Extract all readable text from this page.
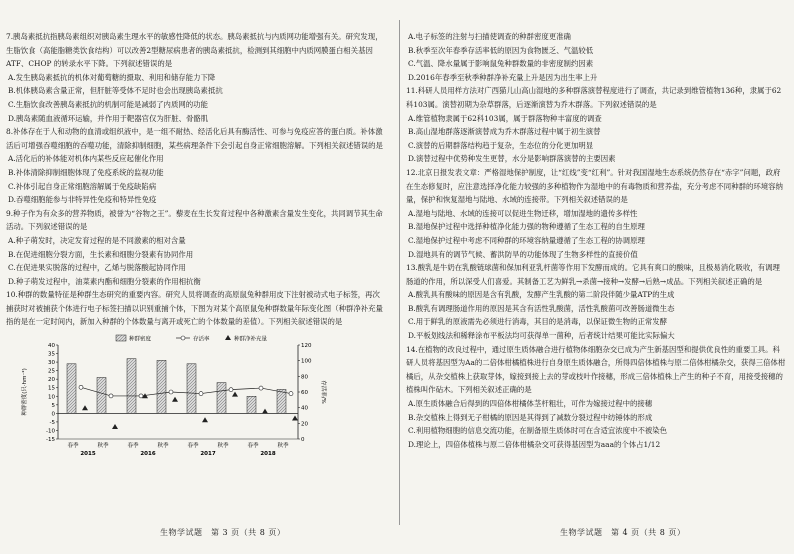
7.胰岛素抵抗指胰岛素组织对胰岛素生理水平的敏感性降低的状态。胰岛素抵抗与内质网功能增强有关。研究发现，生脂饮食（高能脂糖类饮食结构）可以改善2型糖尿病患者的胰岛素抵抗，检测到其细胞中内质网膜蛋白相关基因 ATF、CHOP 的转录水平下降。下列叙述错误的是

A.发生胰岛素抵抗的机体对葡萄糖的摄取、利用和储存能力下降

B.机体胰岛素含量正常，但肝脏等受体不足时也会出现胰岛素抵抗

C.生脂饮食改善胰岛素抵抗的机制可能是减弱了内质网的功能

D.胰岛素随血液循环运输，并作用于靶器官仅为肝脏、骨骼肌

8.补体存在于人和动物的血清或组织液中，是一组不耐热、经活化后具有酶活性、可参与免疫应答的蛋白质。补体激活后可增强吞噬细胞的吞噬功能，清除抑制细胞，某些病理条件下会引起自身正常细胞溶解。下列相关叙述错误的是

A.活化后的补体能对机体内某些反应起催化作用

B.补体清除抑制细胞体现了免疫系统的监视功能

C.补体引起自身正常细胞溶解属于免疫缺陷病

D.吞噬细胞能参与非特异性免疫和特异性免疫

9.种子作为有众多的营养物质，被誉为“谷物之王”。藜麦在生长发育过程中各种激素含量发生变化，共同调节其生命活动。下列叙述错误的是

A.种子萌发时，决定发育过程的是不同激素的相对含量

B.在促进细胞分裂方面，生长素和细胞分裂素有协同作用

C.在促进果实脱落的过程中，乙烯与脱落酸起协同作用

D.种子萌发过程中，油菜素内酯和细胞分裂素的作用相抗衡

10.种群的数量特征是种群生态研究的重要内容。研究人员将调查的高原鼠兔种群用皮下注射被动式电子标签，再次捕获时对被捕获个体进行电子标签扫描以识别重捕个体，下图为对某个高原鼠兔种群数量年际变化图（种群净补充量指的是在一定时间内，新加入种群的个体数量与离开或死亡的个体数量的差值）。下列相关叙述错误的是

40
35
30
25
20
15
10
5
0
-5
-10
-15
120
100
80
60
40
20
0
种群密度(只·hm⁻²)	存活率/%
春季	秋季	春季	秋季	春季	秋季	春季	秋季
2015	2016	2017	2018
种群密度	存活率	种群净补充量

A.电子标签的注射与扫描使调查的种群密度更准确

B.秋季至次年春季存活率低的原因为食物匮乏、气温较低

C.气温、降水量属于影响鼠兔种群数量的非密度制约因素

D.2016年春季至秋季种群净补充量上升是因为出生率上升

11.科研人员用样方法对广西猫儿山高山湿地的多种群落演替程度进行了调查，共记录到维管植物136种，隶属于62科103属。演替初期为杂草群落，后逐渐演替为乔木群落。下列叙述错误的是

A.维管植物隶属于62科103属，属于群落物种丰富度的调查

B.高山湿地群落逐渐演替成为乔木群落过程中属于初生演替

C.演替的后期群落结构趋于复杂，生态位的分化更加明显

D.演替过程中优势种发生更替，水分是影响群落演替的主要因素

12.北京日报发表文章：严格湿地保护制度，让“红线”变“红利”。针对我国湿地生态系统仍然存在“赤字”问题，政府在生态修复时，应注意选择净化能力较强的多种植物作为湿地中的有毒物质和营养盐，充分考虑不同种群的环境容纳量，保护和恢复湿地与陆地、水域的连接带。下列相关叙述错误的是

A.湿地与陆地、水域的连接可以促进生物迁移，增加湿地的遗传多样性

B.湿地保护过程中选择种植净化能力强的物种遵循了生态工程的自生原理

C.湿地保护过程中考虑不同种群的环境容纳量遵循了生态工程的协调原理

D.湿地具有的调节气候、蓄洪防旱的功能体现了生物多样性的直接价值

13.酸乳是牛奶在乳酸链球菌和保加利亚乳杆菌等作用下发酵而成的。它具有爽口的酸味，且极易消化吸收，有调理肠道的作用，所以深受人们喜爱。其制备工艺为鲜乳→杀菌→接种→发酵→后熟→成品。下列相关叙述正确的是

A.酸乳具有酸味的原因是含有乳酸，发酵产生乳酸的第二阶段伴随少量ATP的生成

B.酸乳有调理肠道作用的原因是其含有活性乳酸菌，活性乳酸菌可改善肠道微生态

C.用于鲜乳的原液需先必须进行消毒，其目的是消毒，以保证微生物的正常发酵

D.平板划线法和稀释涂布平板法均可获得单一菌种，后者统计结果可能比实际偏大

14.在植物的改良过程中，通过原生质体融合进行植物体细胞杂交已成为产生新基因型和提供优良性的重要工具。科研人员将基因型为Aa的二倍体柑橘植株进行自身原生质体融合，所得四倍体植株与原二倍体柑橘杂交，获得三倍体柑橘后，从杂交植株上获取芽体，嫁接到接上去的芽或枝叶作接穗，形成三倍体植株上产生的种子不育，用接受接穗的植株叫作砧木。下列相关叙述正确的是

A.原生质体融合后得到的四倍体柑橘体茎杆粗壮，可作为嫁接过程中的接穗

B.杂交植株上得到无子柑橘的原因是其得到了减数分裂过程中纺锤体的形成

C.利用植物细胞的信息交流功能，在制备原生质体时可在含适宜浓度中不被染色

D.理论上，四倍体植株与原二倍体柑橘杂交可获得基因型为aaa的个体占1/12

生物学试题　第 3 页（共 8 页）	生物学试题　第 4 页（共 8 页）
